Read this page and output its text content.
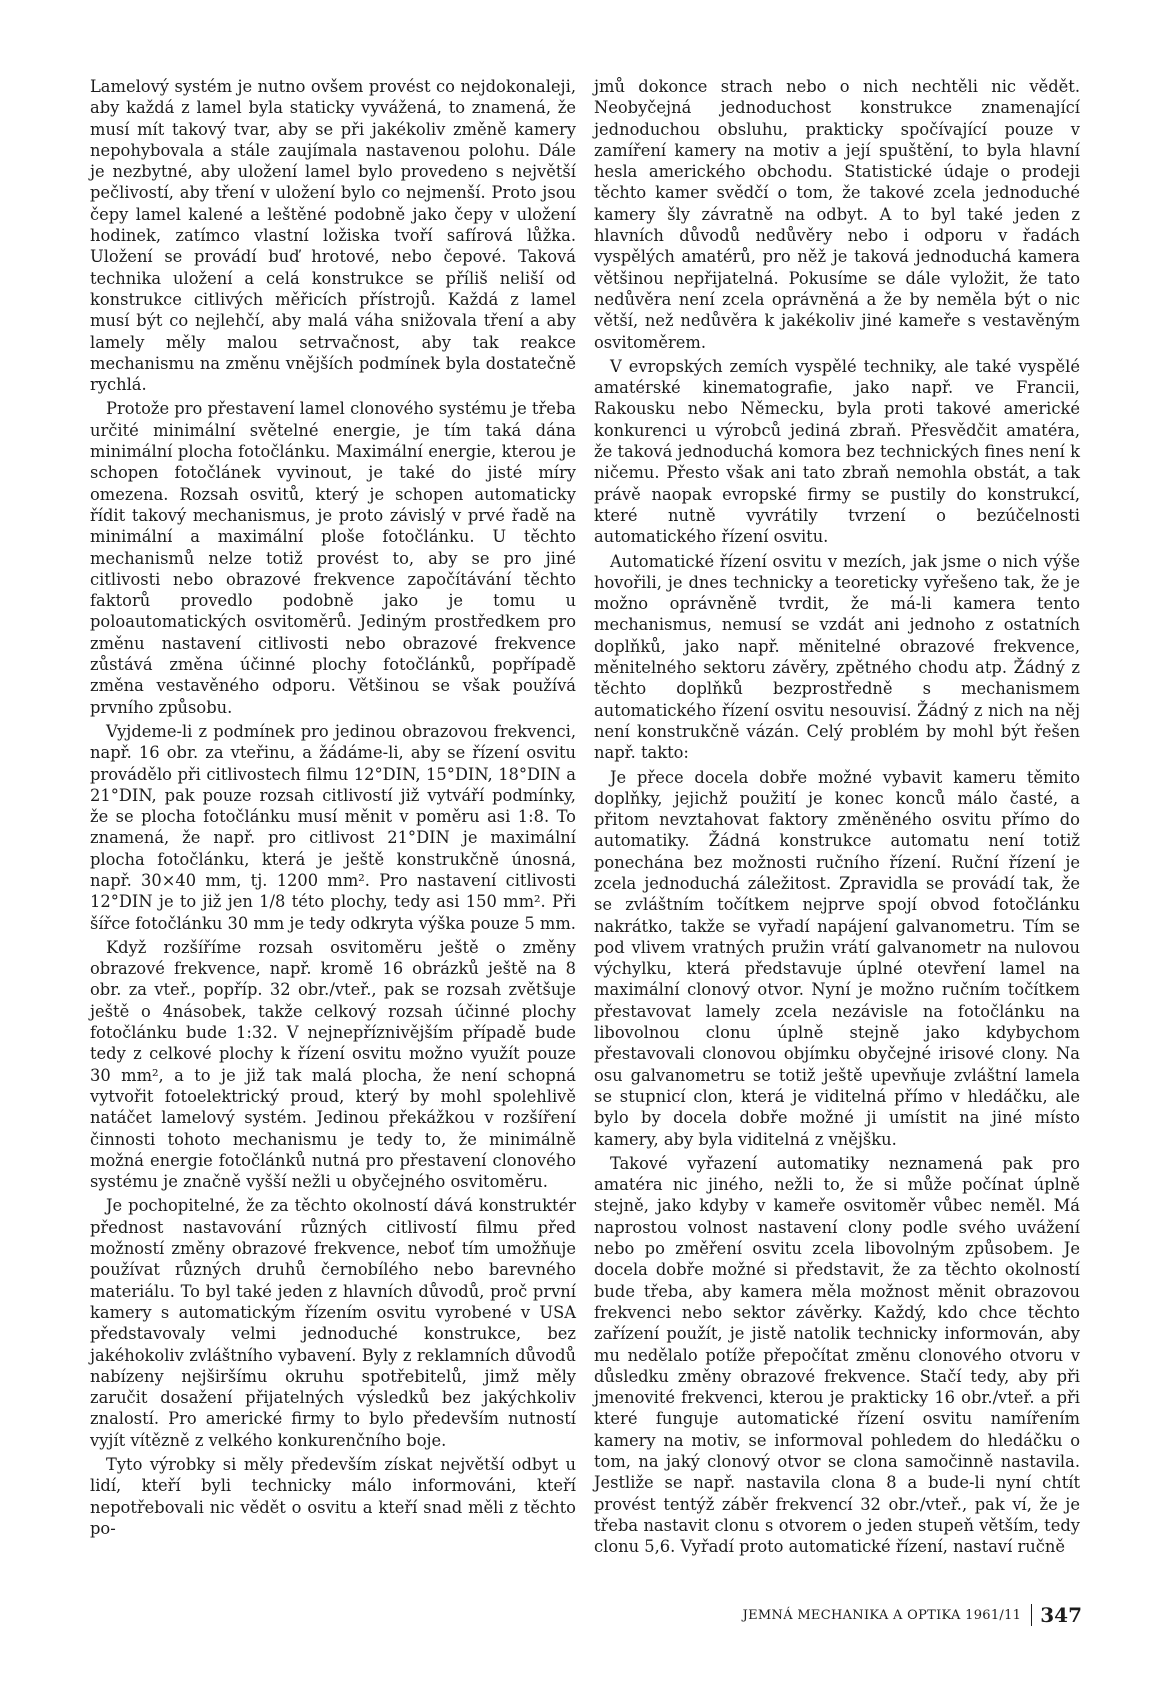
Lamelový systém je nutno ovšem provést co nejdokonaleji, aby každá z lamel byla staticky vyvážená, to znamená, že musí mít takový tvar, aby se při jakékoliv změně kamery nepohybovala a stále zaujímala nastavenou polohu. Dále je nezbytné, aby uložení lamel bylo provedeno s největší pečlivostí, aby tření v uložení bylo co nejmenší. Proto jsou čepy lamel kalené a leštěné podobně jako čepy v uložení hodinek, zatímco vlastní ložiska tvoří safírová lůžka. Uložení se provádí buď hrotové, nebo čepové. Taková technika uložení a celá konstrukce se příliš neliší od konstrukce citlivých měřicích přístrojů. Každá z lamel musí být co nejlehčí, aby malá váha snižovala tření a aby lamely měly malou setrvačnost, aby tak reakce mechanismu na změnu vnějších podmínek byla dostatečně rychlá.

Protože pro přestavení lamel clonového systému je třeba určité minimální světelné energie, je tím taká dána minimální plocha fotočlánku. Maximální energie, kterou je schopen fotočlánek vyvinout, je také do jisté míry omezena. Rozsah osvitů, který je schopen automaticky řídit takový mechanismus, je proto závislý v prvé řadě na minimální a maximální ploše fotočlánku. U těchto mechanismů nelze totiž provést to, aby se pro jiné citlivosti nebo obrazové frekvence započítávání těchto faktorů provedlo podobně jako je tomu u poloautomatických osvitoměrů. Jediným prostředkem pro změnu nastavení citlivosti nebo obrazové frekvence zůstává změna účinné plochy fotočlánků, popřípadě změna vestavěného odporu. Většinou se však používá prvního způsobu.

Vyjdeme-li z podmínek pro jedinou obrazovou frekvenci, např. 16 obr. za vteřinu, a žádáme-li, aby se řízení osvitu provádělo při citlivostech filmu 12°DIN, 15°DIN, 18°DIN a 21°DIN, pak pouze rozsah citlivostí již vytváří podmínky, že se plocha fotočlánku musí měnit v poměru asi 1:8. To znamená, že např. pro citlivost 21°DIN je maximální plocha fotočlánku, která je ještě konstrukčně únosná, např. 30×40 mm, tj. 1200 mm². Pro nastavení citlivosti 12°DIN je to již jen 1/8 této plochy, tedy asi 150 mm². Při šířce fotočlánku 30 mm je tedy odkryta výška pouze 5 mm.

Když rozšíříme rozsah osvitoměru ještě o změny obrazové frekvence, např. kromě 16 obrázků ještě na 8 obr. za vteř., popříp. 32 obr./vteř., pak se rozsah zvětšuje ještě o 4násobek, takže celkový rozsah účinné plochy fotočlánku bude 1:32. V nejnepříznivějším případě bude tedy z celkové plochy k řízení osvitu možno využít pouze 30 mm², a to je již tak malá plocha, že není schopná vytvořit fotoelektrický proud, který by mohl spolehlivě natáčet lamelový systém. Jedinou překážkou v rozšíření činnosti tohoto mechanismu je tedy to, že minimálně možná energie fotočlánků nutná pro přestavení clonového systému je značně vyšší nežli u obyčejného osvitoměru.

Je pochopitelné, že za těchto okolností dává konstruktér přednost nastavování různých citlivostí filmu před možností změny obrazové frekvence, neboť tím umožňuje používat různých druhů černobílého nebo barevného materiálu. To byl také jeden z hlavních důvodů, proč první kamery s automatickým řízením osvitu vyrobené v USA představovaly velmi jednoduché konstrukce, bez jakéhokoliv zvláštního vybavení. Byly z reklamních důvodů nabízeny nejširšímu okruhu spotřebitelů, jimž měly zaručit dosažení přijatelných výsledků bez jakýchkoliv znalostí. Pro americké firmy to bylo především nutností vyjít vítězně z velkého konkurenčního boje.

Tyto výrobky si měly především získat největší odbyt u lidí, kteří byli technicky málo informováni, kteří nepotřebovali nic vědět o osvitu a kteří snad měli z těchto po-

jmů dokonce strach nebo o nich nechtěli nic vědět. Neobyčejná jednoduchost konstrukce znamenající jednoduchou obsluhu, prakticky spočívající pouze v zamíření kamery na motiv a její spuštění, to byla hlavní hesla amerického obchodu. Statistické údaje o prodeji těchto kamer svědčí o tom, že takové zcela jednoduché kamery šly závratně na odbyt. A to byl také jeden z hlavních důvodů nedůvěry nebo i odporu v řadách vyspělých amatérů, pro něž je taková jednoduchá kamera většinou nepřijatelná. Pokusíme se dále vyložit, že tato nedůvěra není zcela oprávněná a že by neměla být o nic větší, než nedůvěra k jakékoliv jiné kameře s vestavěným osvitoměrem.

V evropských zemích vyspělé techniky, ale také vyspělé amatérské kinematografie, jako např. ve Francii, Rakousku nebo Německu, byla proti takové americké konkurenci u výrobců jediná zbraň. Přesvědčit amatéra, že taková jednoduchá komora bez technických fines není k ničemu. Přesto však ani tato zbraň nemohla obstát, a tak právě naopak evropské firmy se pustily do konstrukcí, které nutně vyvrátily tvrzení o bezúčelnosti automatického řízení osvitu.

Automatické řízení osvitu v mezích, jak jsme o nich výše hovořili, je dnes technicky a teoreticky vyřešeno tak, že je možno oprávněně tvrdit, že má-li kamera tento mechanismus, nemusí se vzdát ani jednoho z ostatních doplňků, jako např. měnitelné obrazové frekvence, měnitelného sektoru závěry, zpětného chodu atp. Žádný z těchto doplňků bezprostředně s mechanismem automatického řízení osvitu nesouvisí. Žádný z nich na něj není konstrukčně vázán. Celý problém by mohl být řešen např. takto:

Je přece docela dobře možné vybavit kameru těmito doplňky, jejichž použití je konec konců málo časté, a přitom nevztahovat faktory změněného osvitu přímo do automatiky. Žádná konstrukce automatu není totiž ponechána bez možnosti ručního řízení. Ruční řízení je zcela jednoduchá záležitost. Zpravidla se provádí tak, že se zvláštním točítkem nejprve spojí obvod fotočlánku nakrátko, takže se vyřadí napájení galvanometru. Tím se pod vlivem vratných pružin vrátí galvanometr na nulovou výchylku, která představuje úplné otevření lamel na maximální clonový otvor. Nyní je možno ručním točítkem přestavovat lamely zcela nezávisle na fotočlánku na libovolnou clonu úplně stejně jako kdybychom přestavovali clonovou objímku obyčejné irisové clony. Na osu galvanometru se totiž ještě upevňuje zvláštní lamela se stupnicí clon, která je viditelná přímo v hledáčku, ale bylo by docela dobře možné ji umístit na jiné místo kamery, aby byla viditelná z vnějšku.

Takové vyřazení automatiky neznamená pak pro amatéra nic jiného, nežli to, že si může počínat úplně stejně, jako kdyby v kameře osvitoměr vůbec neměl. Má naprostou volnost nastavení clony podle svého uvážení nebo po změření osvitu zcela libovolným způsobem. Je docela dobře možné si představit, že za těchto okolností bude třeba, aby kamera měla možnost měnit obrazovou frekvenci nebo sektor závěrky. Každý, kdo chce těchto zařízení použít, je jistě natolik technicky informován, aby mu nedělalo potíže přepočítat změnu clonového otvoru v důsledku změny obrazové frekvence. Stačí tedy, aby při jmenovité frekvenci, kterou je prakticky 16 obr./vteř. a při které funguje automatické řízení osvitu namířením kamery na motiv, se informoval pohledem do hledáčku o tom, na jaký clonový otvor se clona samočinně nastavila. Jestliže se např. nastavila clona 8 a bude-li nyní chtít provést tentýž záběr frekvencí 32 obr./vteř., pak ví, že je třeba nastavit clonu s otvorem o jeden stupeň větším, tedy clonu 5,6. Vyřadí proto automatické řízení, nastaví ručně

JEMNÁ MECHANIKA A OPTIKA 1961/11 347
